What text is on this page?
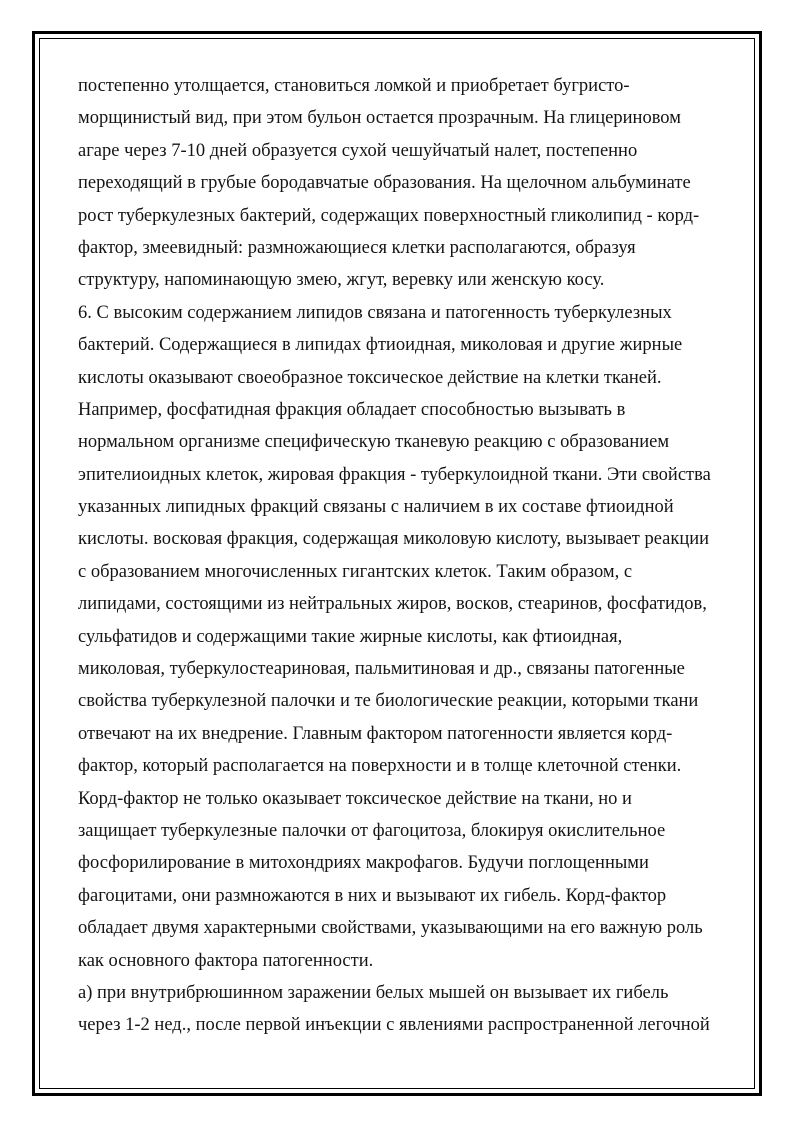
постепенно утолщается, становиться ломкой и приобретает бугристо-
морщинистый вид, при этом бульон остается прозрачным. На глицериновом
агаре через 7-10 дней образуется сухой чешуйчатый налет, постепенно
переходящий в грубые бородавчатые образования. На щелочном альбуминате
рост туберкулезных бактерий, содержащих поверхностный гликолипид - корд-
фактор, змеевидный: размножающиеся клетки располагаются, образуя
структуру, напоминающую змею, жгут, веревку или женскую косу.
6. С высоким содержанием липидов связана и патогенность туберкулезных
бактерий. Содержащиеся в липидах фтиоидная, миколовая и другие жирные
кислоты оказывают своеобразное токсическое действие на клетки тканей.
Например, фосфатидная фракция обладает способностью вызывать в
нормальном организме специфическую тканевую реакцию с образованием
эпителиоидных клеток, жировая фракция - туберкулоидной ткани. Эти свойства
указанных липидных фракций связаны с наличием в их составе фтиоидной
кислоты. восковая фракция, содержащая миколовую кислоту, вызывает реакции
с образованием многочисленных гигантских клеток. Таким образом, с
липидами, состоящими из нейтральных жиров, восков, стеаринов, фосфатидов,
сульфатидов и содержащими такие жирные кислоты, как фтиоидная,
миколовая, туберкулостеариновая, пальмитиновая и др., связаны патогенные
свойства туберкулезной палочки и те биологические реакции, которыми ткани
отвечают на их внедрение. Главным фактором патогенности является корд-
фактор, который располагается на поверхности и в толще клеточной стенки.
Корд-фактор не только оказывает токсическое действие на ткани, но и
защищает туберкулезные палочки от фагоцитоза, блокируя окислительное
фосфорилирование в митохондриях макрофагов. Будучи поглощенными
фагоцитами, они размножаются в них и вызывают их гибель. Корд-фактор
обладает двумя характерными свойствами, указывающими на его важную роль
как основного фактора патогенности.
а) при внутрибрюшинном заражении белых мышей он вызывает их гибель
через 1-2 нед., после первой инъекции с явлениями распространенной легочной
